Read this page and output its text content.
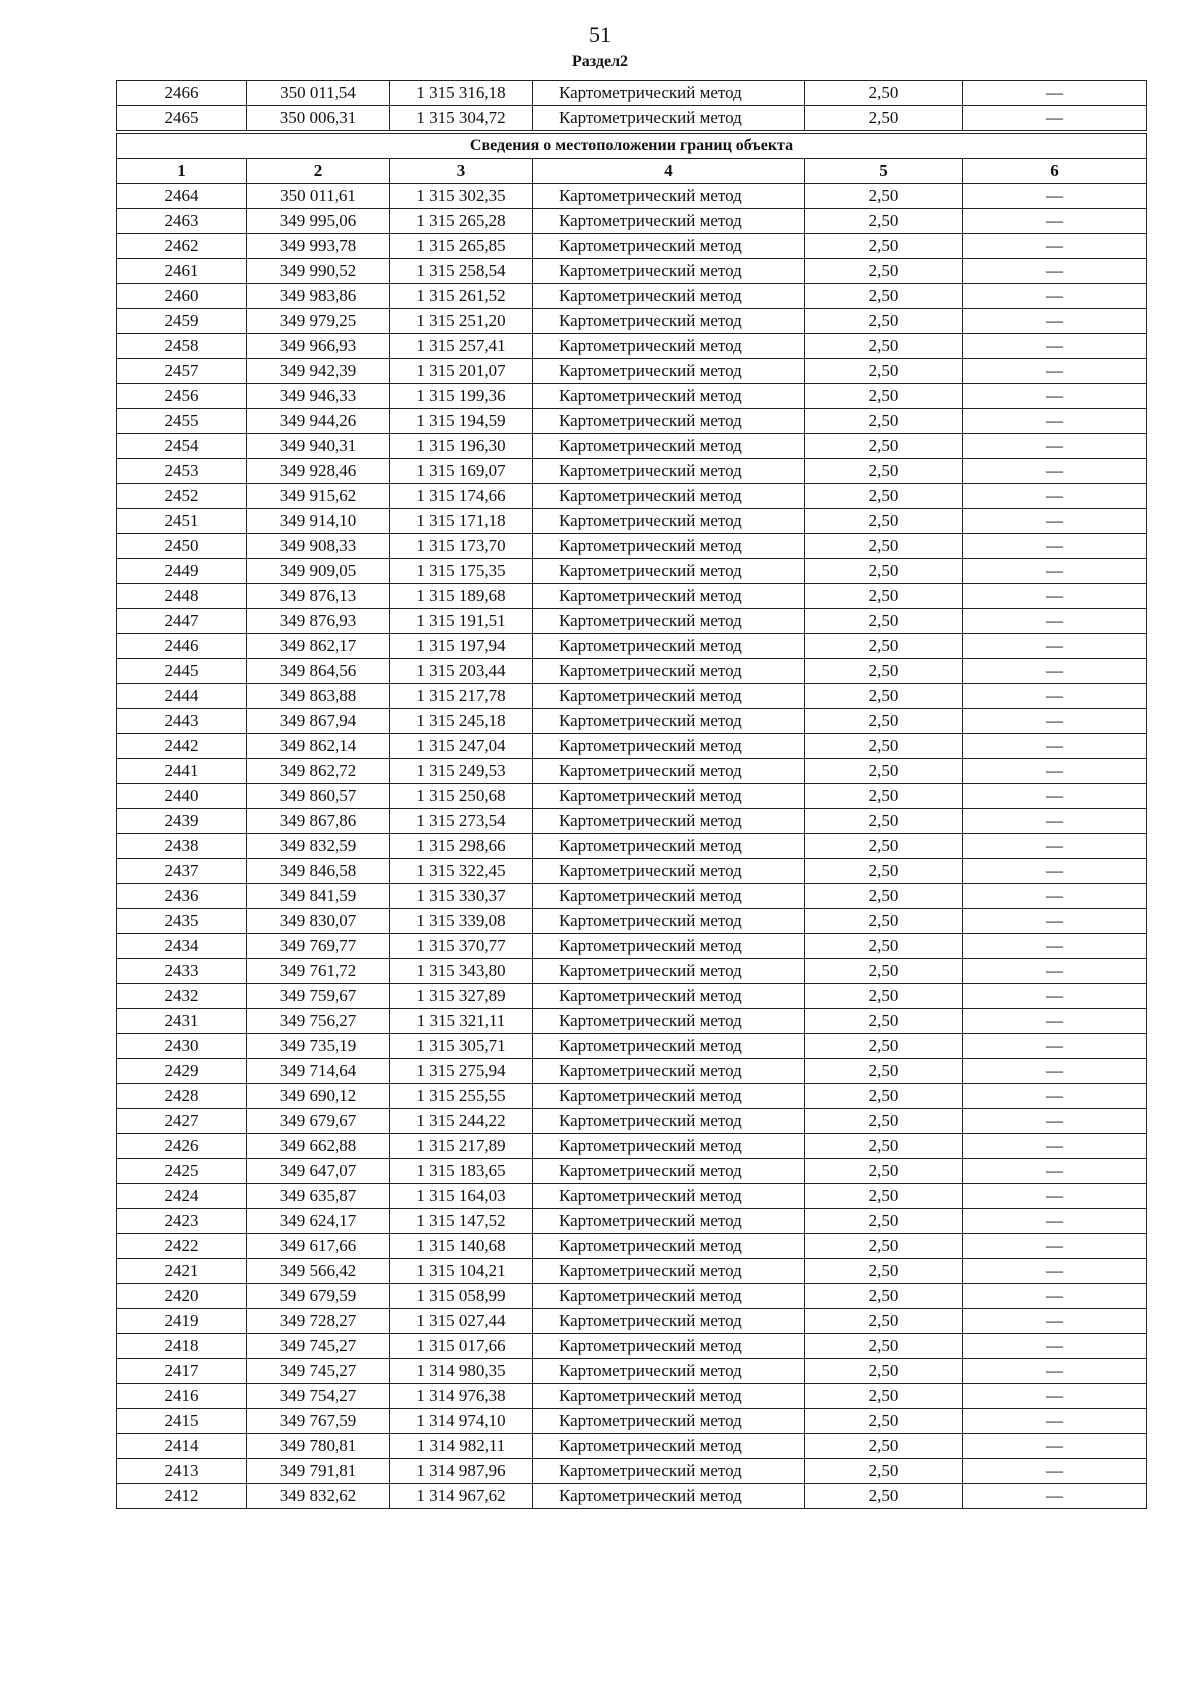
51
Раздел2
2466	350 011,54	1 315 316,18	Картометрический метод	2,50	—
2465	350 006,31	1 315 304,72	Картометрический метод	2,50	—

Сведения о местоположении границ объекта					
1	2	3	4	5	6
2464	350 011,61	1 315 302,35	Картометрический метод	2,50	—
2463	349 995,06	1 315 265,28	Картометрический метод	2,50	—
2462	349 993,78	1 315 265,85	Картометрический метод	2,50	—
2461	349 990,52	1 315 258,54	Картометрический метод	2,50	—
2460	349 983,86	1 315 261,52	Картометрический метод	2,50	—
2459	349 979,25	1 315 251,20	Картометрический метод	2,50	—
2458	349 966,93	1 315 257,41	Картометрический метод	2,50	—
2457	349 942,39	1 315 201,07	Картометрический метод	2,50	—
2456	349 946,33	1 315 199,36	Картометрический метод	2,50	—
2455	349 944,26	1 315 194,59	Картометрический метод	2,50	—
2454	349 940,31	1 315 196,30	Картометрический метод	2,50	—
2453	349 928,46	1 315 169,07	Картометрический метод	2,50	—
2452	349 915,62	1 315 174,66	Картометрический метод	2,50	—
2451	349 914,10	1 315 171,18	Картометрический метод	2,50	—
2450	349 908,33	1 315 173,70	Картометрический метод	2,50	—
2449	349 909,05	1 315 175,35	Картометрический метод	2,50	—
2448	349 876,13	1 315 189,68	Картометрический метод	2,50	—
2447	349 876,93	1 315 191,51	Картометрический метод	2,50	—
2446	349 862,17	1 315 197,94	Картометрический метод	2,50	—
2445	349 864,56	1 315 203,44	Картометрический метод	2,50	—
2444	349 863,88	1 315 217,78	Картометрический метод	2,50	—
2443	349 867,94	1 315 245,18	Картометрический метод	2,50	—
2442	349 862,14	1 315 247,04	Картометрический метод	2,50	—
2441	349 862,72	1 315 249,53	Картометрический метод	2,50	—
2440	349 860,57	1 315 250,68	Картометрический метод	2,50	—
2439	349 867,86	1 315 273,54	Картометрический метод	2,50	—
2438	349 832,59	1 315 298,66	Картометрический метод	2,50	—
2437	349 846,58	1 315 322,45	Картометрический метод	2,50	—
2436	349 841,59	1 315 330,37	Картометрический метод	2,50	—
2435	349 830,07	1 315 339,08	Картометрический метод	2,50	—
2434	349 769,77	1 315 370,77	Картометрический метод	2,50	—
2433	349 761,72	1 315 343,80	Картометрический метод	2,50	—
2432	349 759,67	1 315 327,89	Картометрический метод	2,50	—
2431	349 756,27	1 315 321,11	Картометрический метод	2,50	—
2430	349 735,19	1 315 305,71	Картометрический метод	2,50	—
2429	349 714,64	1 315 275,94	Картометрический метод	2,50	—
2428	349 690,12	1 315 255,55	Картометрический метод	2,50	—
2427	349 679,67	1 315 244,22	Картометрический метод	2,50	—
2426	349 662,88	1 315 217,89	Картометрический метод	2,50	—
2425	349 647,07	1 315 183,65	Картометрический метод	2,50	—
2424	349 635,87	1 315 164,03	Картометрический метод	2,50	—
2423	349 624,17	1 315 147,52	Картометрический метод	2,50	—
2422	349 617,66	1 315 140,68	Картометрический метод	2,50	—
2421	349 566,42	1 315 104,21	Картометрический метод	2,50	—
2420	349 679,59	1 315 058,99	Картометрический метод	2,50	—
2419	349 728,27	1 315 027,44	Картометрический метод	2,50	—
2418	349 745,27	1 315 017,66	Картометрический метод	2,50	—
2417	349 745,27	1 314 980,35	Картометрический метод	2,50	—
2416	349 754,27	1 314 976,38	Картометрический метод	2,50	—
2415	349 767,59	1 314 974,10	Картометрический метод	2,50	—
2414	349 780,81	1 314 982,11	Картометрический метод	2,50	—
2413	349 791,81	1 314 987,96	Картометрический метод	2,50	—
2412	349 832,62	1 314 967,62	Картометрический метод	2,50	—
